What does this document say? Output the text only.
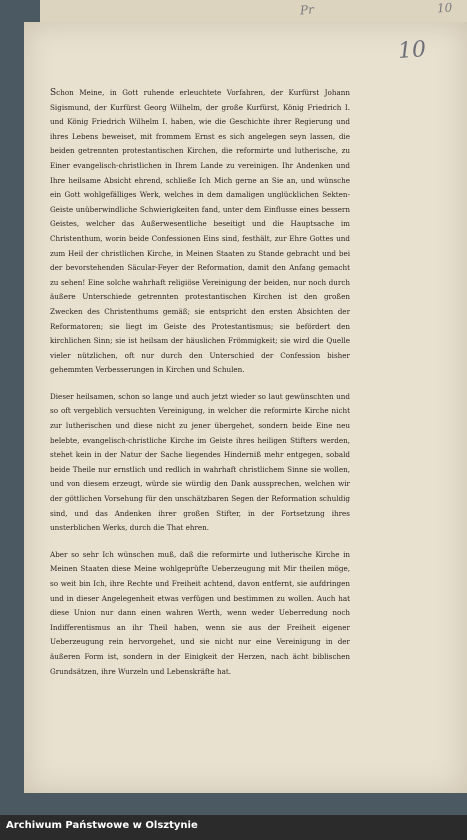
Pr	10
10

Schon Meine, in Gott ruhende erleuchtete Vorfahren, der Kurfürst Johann Sigismund, der Kurfürst Georg Wilhelm, der große Kurfürst, König Friedrich I. und König Friedrich Wilhelm I. haben, wie die Geschichte ihrer Regierung und ihres Lebens beweiset, mit frommem Ernst es sich angelegen seyn lassen, die beiden getrennten protestantischen Kirchen, die reformirte und lutherische, zu Einer evangelisch-christlichen in Ihrem Lande zu vereinigen. Ihr Andenken und Ihre heilsame Absicht ehrend, schließe Ich Mich gerne an Sie an, und wünsche ein Gott wohlgefälliges Werk, welches in dem damaligen unglücklichen Sekten-Geiste unüberwindliche Schwierigkeiten fand, unter dem Einflusse eines bessern Geistes, welcher das Außerwesentliche beseitigt und die Hauptsache im Christenthum, worin beide Confessionen Eins sind, festhält, zur Ehre Gottes und zum Heil der christlichen Kirche, in Meinen Staaten zu Stande gebracht und bei der bevorstehenden Säcular-Feyer der Reformation, damit den Anfang gemacht zu sehen! Eine solche wahrhaft religiöse Vereinigung der beiden, nur noch durch äußere Unterschiede getrennten protestantischen Kirchen ist den großen Zwecken des Christenthums gemäß; sie entspricht den ersten Absichten der Reformatoren; sie liegt im Geiste des Protestantismus; sie befördert den kirchlichen Sinn; sie ist heilsam der häuslichen Frömmigkeit; sie wird die Quelle vieler nützlichen, oft nur durch den Unterschied der Confession bisher gehemmten Verbesserungen in Kirchen und Schulen.

Dieser heilsamen, schon so lange und auch jetzt wieder so laut gewünschten und so oft vergeblich versuchten Vereinigung, in welcher die reformirte Kirche nicht zur lutherischen und diese nicht zu jener übergehet, sondern beide Eine neu belebte, evangelisch-christliche Kirche im Geiste ihres heiligen Stifters werden, stehet kein in der Natur der Sache liegendes Hinderniß mehr entgegen, sobald beide Theile nur ernstlich und redlich in wahrhaft christlichem Sinne sie wollen, und von diesem erzeugt, würde sie würdig den Dank aussprechen, welchen wir der göttlichen Vorsehung für den unschätzbaren Segen der Reformation schuldig sind, und das Andenken ihrer großen Stifter, in der Fortsetzung ihres unsterblichen Werks, durch die That ehren.

Aber so sehr Ich wünschen muß, daß die reformirte und lutherische Kirche in Meinen Staaten diese Meine wohlgeprüfte Ueberzeugung mit Mir theilen möge, so weit bin Ich, ihre Rechte und Freiheit achtend, davon entfernt, sie aufdringen und in dieser Angelegenheit etwas verfügen und bestimmen zu wollen. Auch hat diese Union nur dann einen wahren Werth, wenn weder Ueberredung noch Indifferentismus an ihr Theil haben, wenn sie aus der Freiheit eigener Ueberzeugung rein hervorgehet, und sie nicht nur eine Vereinigung in der äußeren Form ist, sondern in der Einigkeit der Herzen, nach ächt biblischen Grundsätzen, ihre Wurzeln und Lebenskräfte hat.

Archiwum Państwowe w Olsztynie
